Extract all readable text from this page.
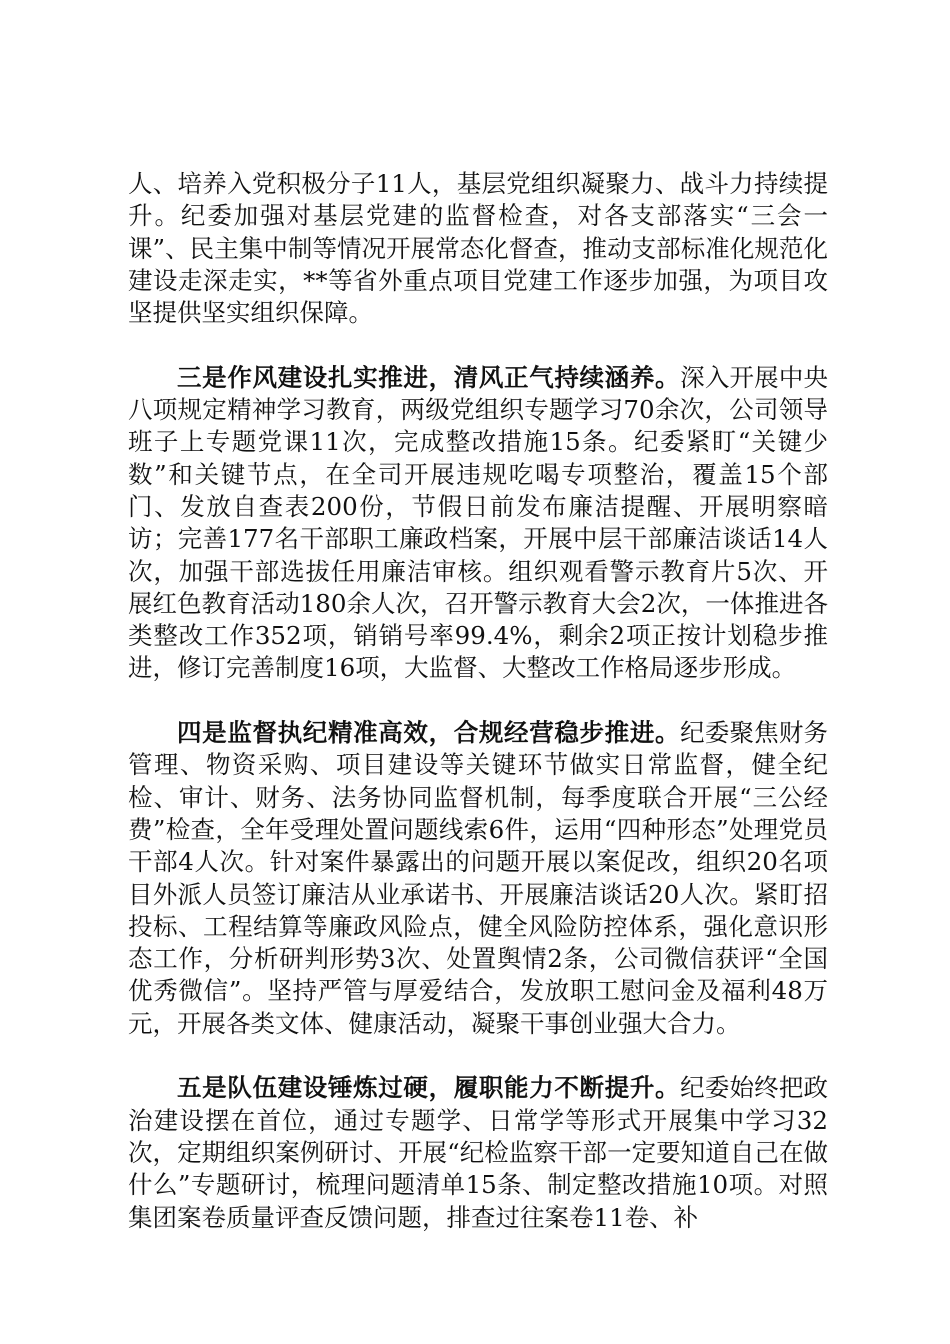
人、培养入党积极分子11人，基层党组织凝聚力、战斗力持续提升。纪委加强对基层党建的监督检查，对各支部落实“三会一课”、民主集中制等情况开展常态化督查，推动支部标准化规范化建设走深走实，**等省外重点项目党建工作逐步加强，为项目攻坚提供坚实组织保障。

三是作风建设扎实推进，清风正气持续涵养。深入开展中央八项规定精神学习教育，两级党组织专题学习70余次，公司领导班子上专题党课11次，完成整改措施15条。纪委紧盯“关键少数”和关键节点，在全司开展违规吃喝专项整治，覆盖15个部门、发放自查表200份，节假日前发布廉洁提醒、开展明察暗访；完善177名干部职工廉政档案，开展中层干部廉洁谈话14人次，加强干部选拔任用廉洁审核。组织观看警示教育片5次、开展红色教育活动180余人次，召开警示教育大会2次，一体推进各类整改工作352项，销销号率99.4%，剩余2项正按计划稳步推进，修订完善制度16项，大监督、大整改工作格局逐步形成。

四是监督执纪精准高效，合规经营稳步推进。纪委聚焦财务管理、物资采购、项目建设等关键环节做实日常监督，健全纪检、审计、财务、法务协同监督机制，每季度联合开展“三公经费”检查，全年受理处置问题线索6件，运用“四种形态”处理党员干部4人次。针对案件暴露出的问题开展以案促改，组织20名项目外派人员签订廉洁从业承诺书、开展廉洁谈话20人次。紧盯招投标、工程结算等廉政风险点，健全风险防控体系，强化意识形态工作，分析研判形势3次、处置舆情2条，公司微信获评“全国优秀微信”。坚持严管与厚爱结合，发放职工慰问金及福利48万元，开展各类文体、健康活动，凝聚干事创业强大合力。

五是队伍建设锤炼过硬，履职能力不断提升。纪委始终把政治建设摆在首位，通过专题学、日常学等形式开展集中学习32次，定期组织案例研讨、开展“纪检监察干部一定要知道自己在做什么”专题研讨，梳理问题清单15条、制定整改措施10项。对照集团案卷质量评查反馈问题，排查过往案卷11卷、补
